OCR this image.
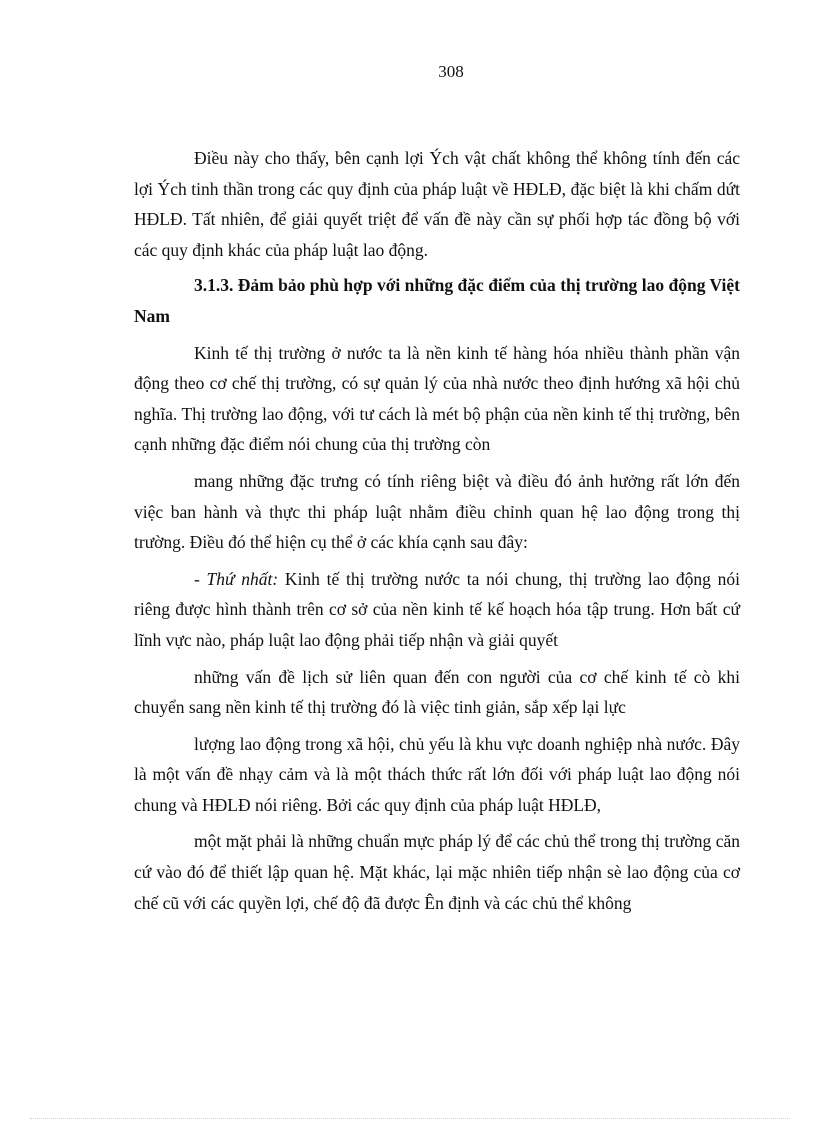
308

Điều này cho thấy, bên cạnh lợi Ých vật chất không thể không tính đến các lợi Ých tinh thần trong các quy định của pháp luật về HĐLĐ, đặc biệt là khi chấm dứt HĐLĐ. Tất nhiên, để giải quyết triệt để vấn đề này cần sự phối hợp tác đồng bộ với các quy định khác của pháp luật lao động.

3.1.3. Đảm bảo phù hợp với những đặc điểm của thị trường lao động Việt Nam

Kinh tế thị trường ở nước ta là nền kinh tế hàng hóa nhiều thành phần vận động theo cơ chế thị trường, có sự quản lý của nhà nước theo định hướng xã hội chủ nghĩa. Thị trường lao động, với tư cách là mét bộ phận của nền kinh tế thị trường, bên cạnh những đặc điểm nói chung của thị trường còn

mang những đặc trưng có tính riêng biệt và điều đó ảnh hưởng rất lớn đến việc ban hành và thực thi pháp luật nhằm điều chỉnh quan hệ lao động trong thị trường. Điều đó thể hiện cụ thể ở các khía cạnh sau đây:

- Thứ nhất: Kinh tế thị trường nước ta nói chung, thị trường lao động nói riêng được hình thành trên cơ sở của nền kinh tế kế hoạch hóa tập trung. Hơn bất cứ lĩnh vực nào, pháp luật lao động phải tiếp nhận và giải quyết

những vấn đề lịch sử liên quan đến con người của cơ chế kinh tế cò khi chuyển sang nền kinh tế thị trường đó là việc tinh giản, sắp xếp lại lực

lượng lao động trong xã hội, chủ yếu là khu vực doanh nghiệp nhà nước. Đây là một vấn đề nhạy cảm và là một thách thức rất lớn đối với pháp luật lao động nói chung và HĐLĐ nói riêng. Bởi các quy định của pháp luật HĐLĐ,

một mặt phải là những chuẩn mực pháp lý để các chủ thể trong thị trường căn cứ vào đó để thiết lập quan hệ. Mặt khác, lại mặc nhiên tiếp nhận sè lao động của cơ chế cũ với các quyền lợi, chế độ đã được Ên định và các chủ thể không
